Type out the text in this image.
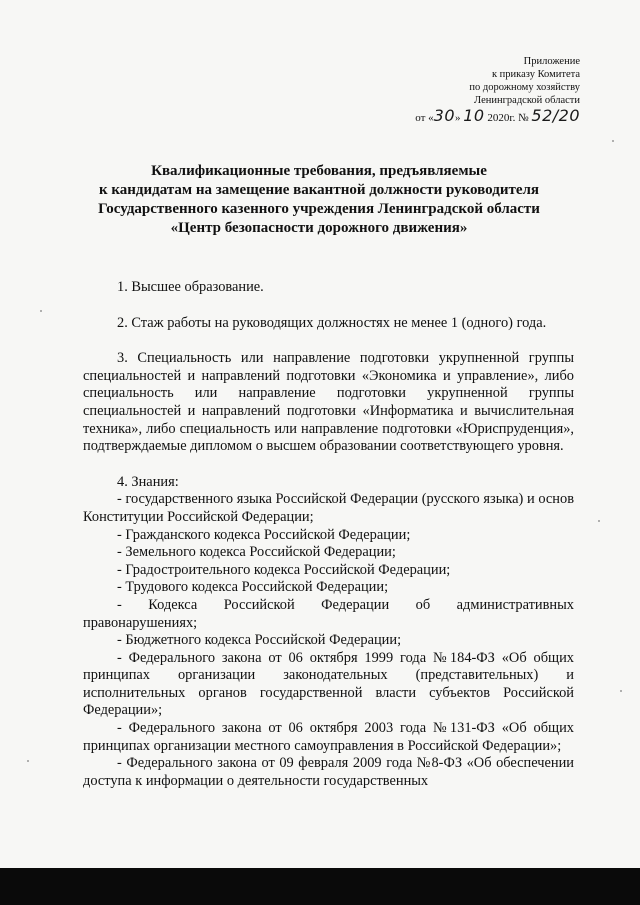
Приложение
к приказу Комитета
по дорожному хозяйству
Ленинградской области
от «30» 10 2020г. № 52/20
Квалификационные требования, предъявляемые
к кандидатам на замещение вакантной должности руководителя
Государственного казенного учреждения Ленинградской области
«Центр безопасности дорожного движения»

1. Высшее образование.

2. Стаж работы на руководящих должностях не менее 1 (одного) года.

3. Специальность или направление подготовки укрупненной группы специальностей и направлений подготовки «Экономика и управление», либо специальность или направление подготовки укрупненной группы специальностей и направлений подготовки «Информатика и вычислительная техника», либо специальность или направление подготовки «Юриспруденция», подтверждаемые дипломом о высшем образовании соответствующего уровня.

4. Знания:

- государственного языка Российской Федерации (русского языка) и основ Конституции Российской Федерации;

- Гражданского кодекса Российской Федерации;

- Земельного кодекса Российской Федерации;

- Градостроительного кодекса Российской Федерации;

- Трудового кодекса Российской Федерации;

- Кодекса Российской Федерации об административных правонарушениях;

- Бюджетного кодекса Российской Федерации;

- Федерального закона от 06 октября 1999 года №184-ФЗ «Об общих принципах организации законодательных (представительных) и исполнительных органов государственной власти субъектов Российской Федерации»;

- Федерального закона от 06 октября 2003 года №131-ФЗ «Об общих принципах организации местного самоуправления в Российской Федерации»;

- Федерального закона от 09 февраля 2009 года №8-ФЗ «Об обеспечении доступа к информации о деятельности государственных
